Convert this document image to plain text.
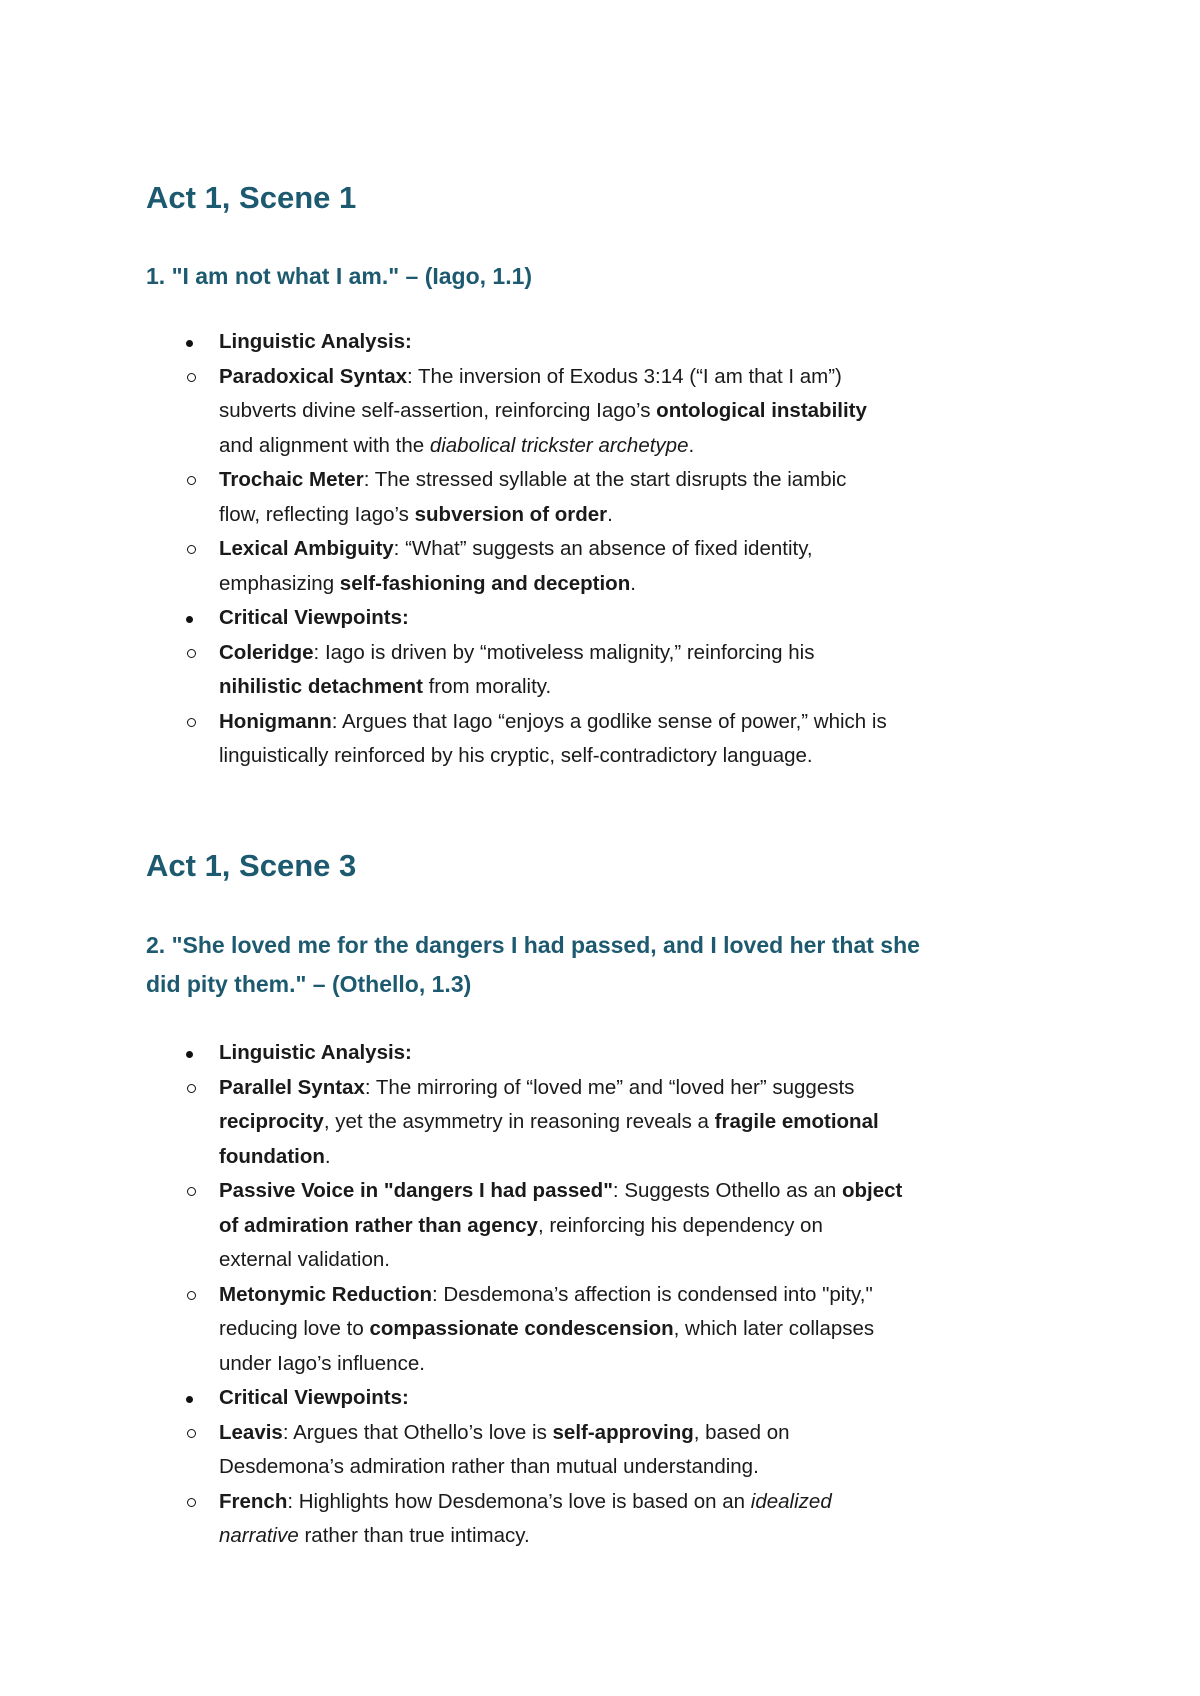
Act 1, Scene 1
1. "I am not what I am." – (Iago, 1.1)
Linguistic Analysis:
Paradoxical Syntax: The inversion of Exodus 3:14 (“I am that I am”)
subverts divine self-assertion, reinforcing Iago’s ontological instability
and alignment with the diabolical trickster archetype.
Trochaic Meter: The stressed syllable at the start disrupts the iambic
flow, reflecting Iago’s subversion of order.
Lexical Ambiguity: “What” suggests an absence of fixed identity,
emphasizing self-fashioning and deception.
Critical Viewpoints:
Coleridge: Iago is driven by “motiveless malignity,” reinforcing his
nihilistic detachment from morality.
Honigmann: Argues that Iago “enjoys a godlike sense of power,” which is
linguistically reinforced by his cryptic, self-contradictory language.
Act 1, Scene 3
2. "She loved me for the dangers I had passed, and I loved her that she
did pity them." – (Othello, 1.3)
Linguistic Analysis:
Parallel Syntax: The mirroring of “loved me” and “loved her” suggests
reciprocity, yet the asymmetry in reasoning reveals a fragile emotional
foundation.
Passive Voice in "dangers I had passed": Suggests Othello as an object
of admiration rather than agency, reinforcing his dependency on
external validation.
Metonymic Reduction: Desdemona’s affection is condensed into "pity,"
reducing love to compassionate condescension, which later collapses
under Iago’s influence.
Critical Viewpoints:
Leavis: Argues that Othello’s love is self-approving, based on
Desdemona’s admiration rather than mutual understanding.
French: Highlights how Desdemona’s love is based on an idealized
narrative rather than true intimacy.
